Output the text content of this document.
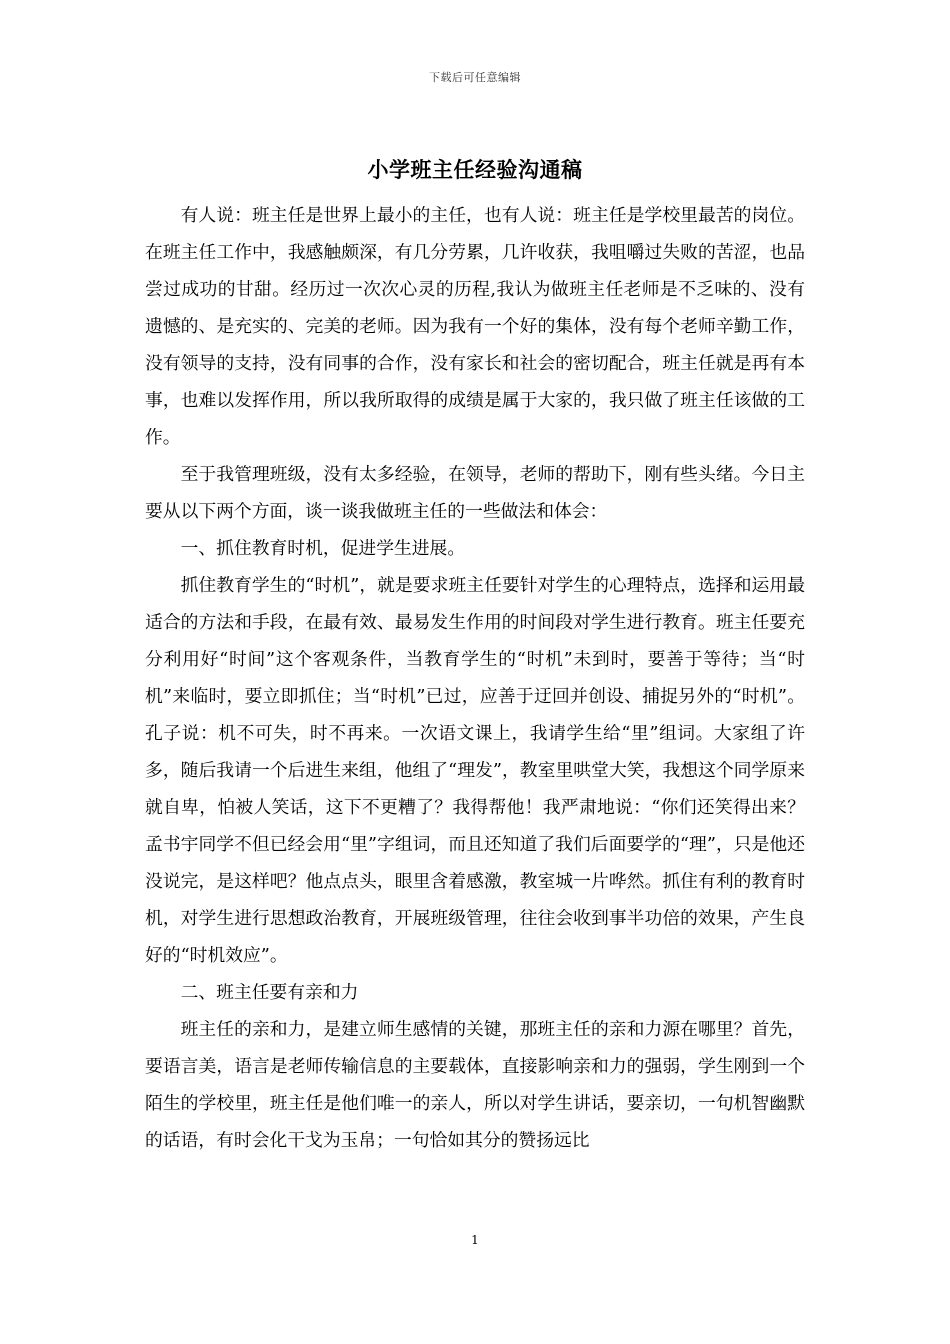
下载后可任意编辑
小学班主任经验沟通稿

有人说：班主任是世界上最小的主任，也有人说：班主任是学校里最苦的岗位。在班主任工作中，我感触颇深，有几分劳累，几许收获，我咀嚼过失败的苦涩，也品尝过成功的甘甜。经历过一次次心灵的历程,我认为做班主任老师是不乏味的、没有遗憾的、是充实的、完美的老师。因为我有一个好的集体，没有每个老师辛勤工作，没有领导的支持，没有同事的合作，没有家长和社会的密切配合，班主任就是再有本事，也难以发挥作用，所以我所取得的成绩是属于大家的，我只做了班主任该做的工作。

至于我管理班级，没有太多经验，在领导，老师的帮助下，刚有些头绪。今日主要从以下两个方面，谈一谈我做班主任的一些做法和体会：

一、抓住教育时机，促进学生进展。

抓住教育学生的“时机”，就是要求班主任要针对学生的心理特点，选择和运用最适合的方法和手段，在最有效、最易发生作用的时间段对学生进行教育。班主任要充分利用好“时间”这个客观条件，当教育学生的“时机”未到时，要善于等待；当“时机”来临时，要立即抓住；当“时机”已过，应善于迂回并创设、捕捉另外的“时机”。孔子说：机不可失，时不再来。一次语文课上，我请学生给“里”组词。大家组了许多，随后我请一个后进生来组，他组了“理发”，教室里哄堂大笑，我想这个同学原来就自卑，怕被人笑话，这下不更糟了？我得帮他！我严肃地说：“你们还笑得出来？孟书宇同学不但已经会用“里”字组词，而且还知道了我们后面要学的“理”，只是他还没说完，是这样吧？他点点头，眼里含着感激，教室城一片哗然。抓住有利的教育时机，对学生进行思想政治教育，开展班级管理，往往会收到事半功倍的效果，产生良好的“时机效应”。

二、班主任要有亲和力

班主任的亲和力，是建立师生感情的关键，那班主任的亲和力源在哪里？首先，要语言美，语言是老师传输信息的主要载体，直接影响亲和力的强弱，学生刚到一个陌生的学校里，班主任是他们唯一的亲人，所以对学生讲话，要亲切，一句机智幽默的话语，有时会化干戈为玉帛；一句恰如其分的赞扬远比

1
